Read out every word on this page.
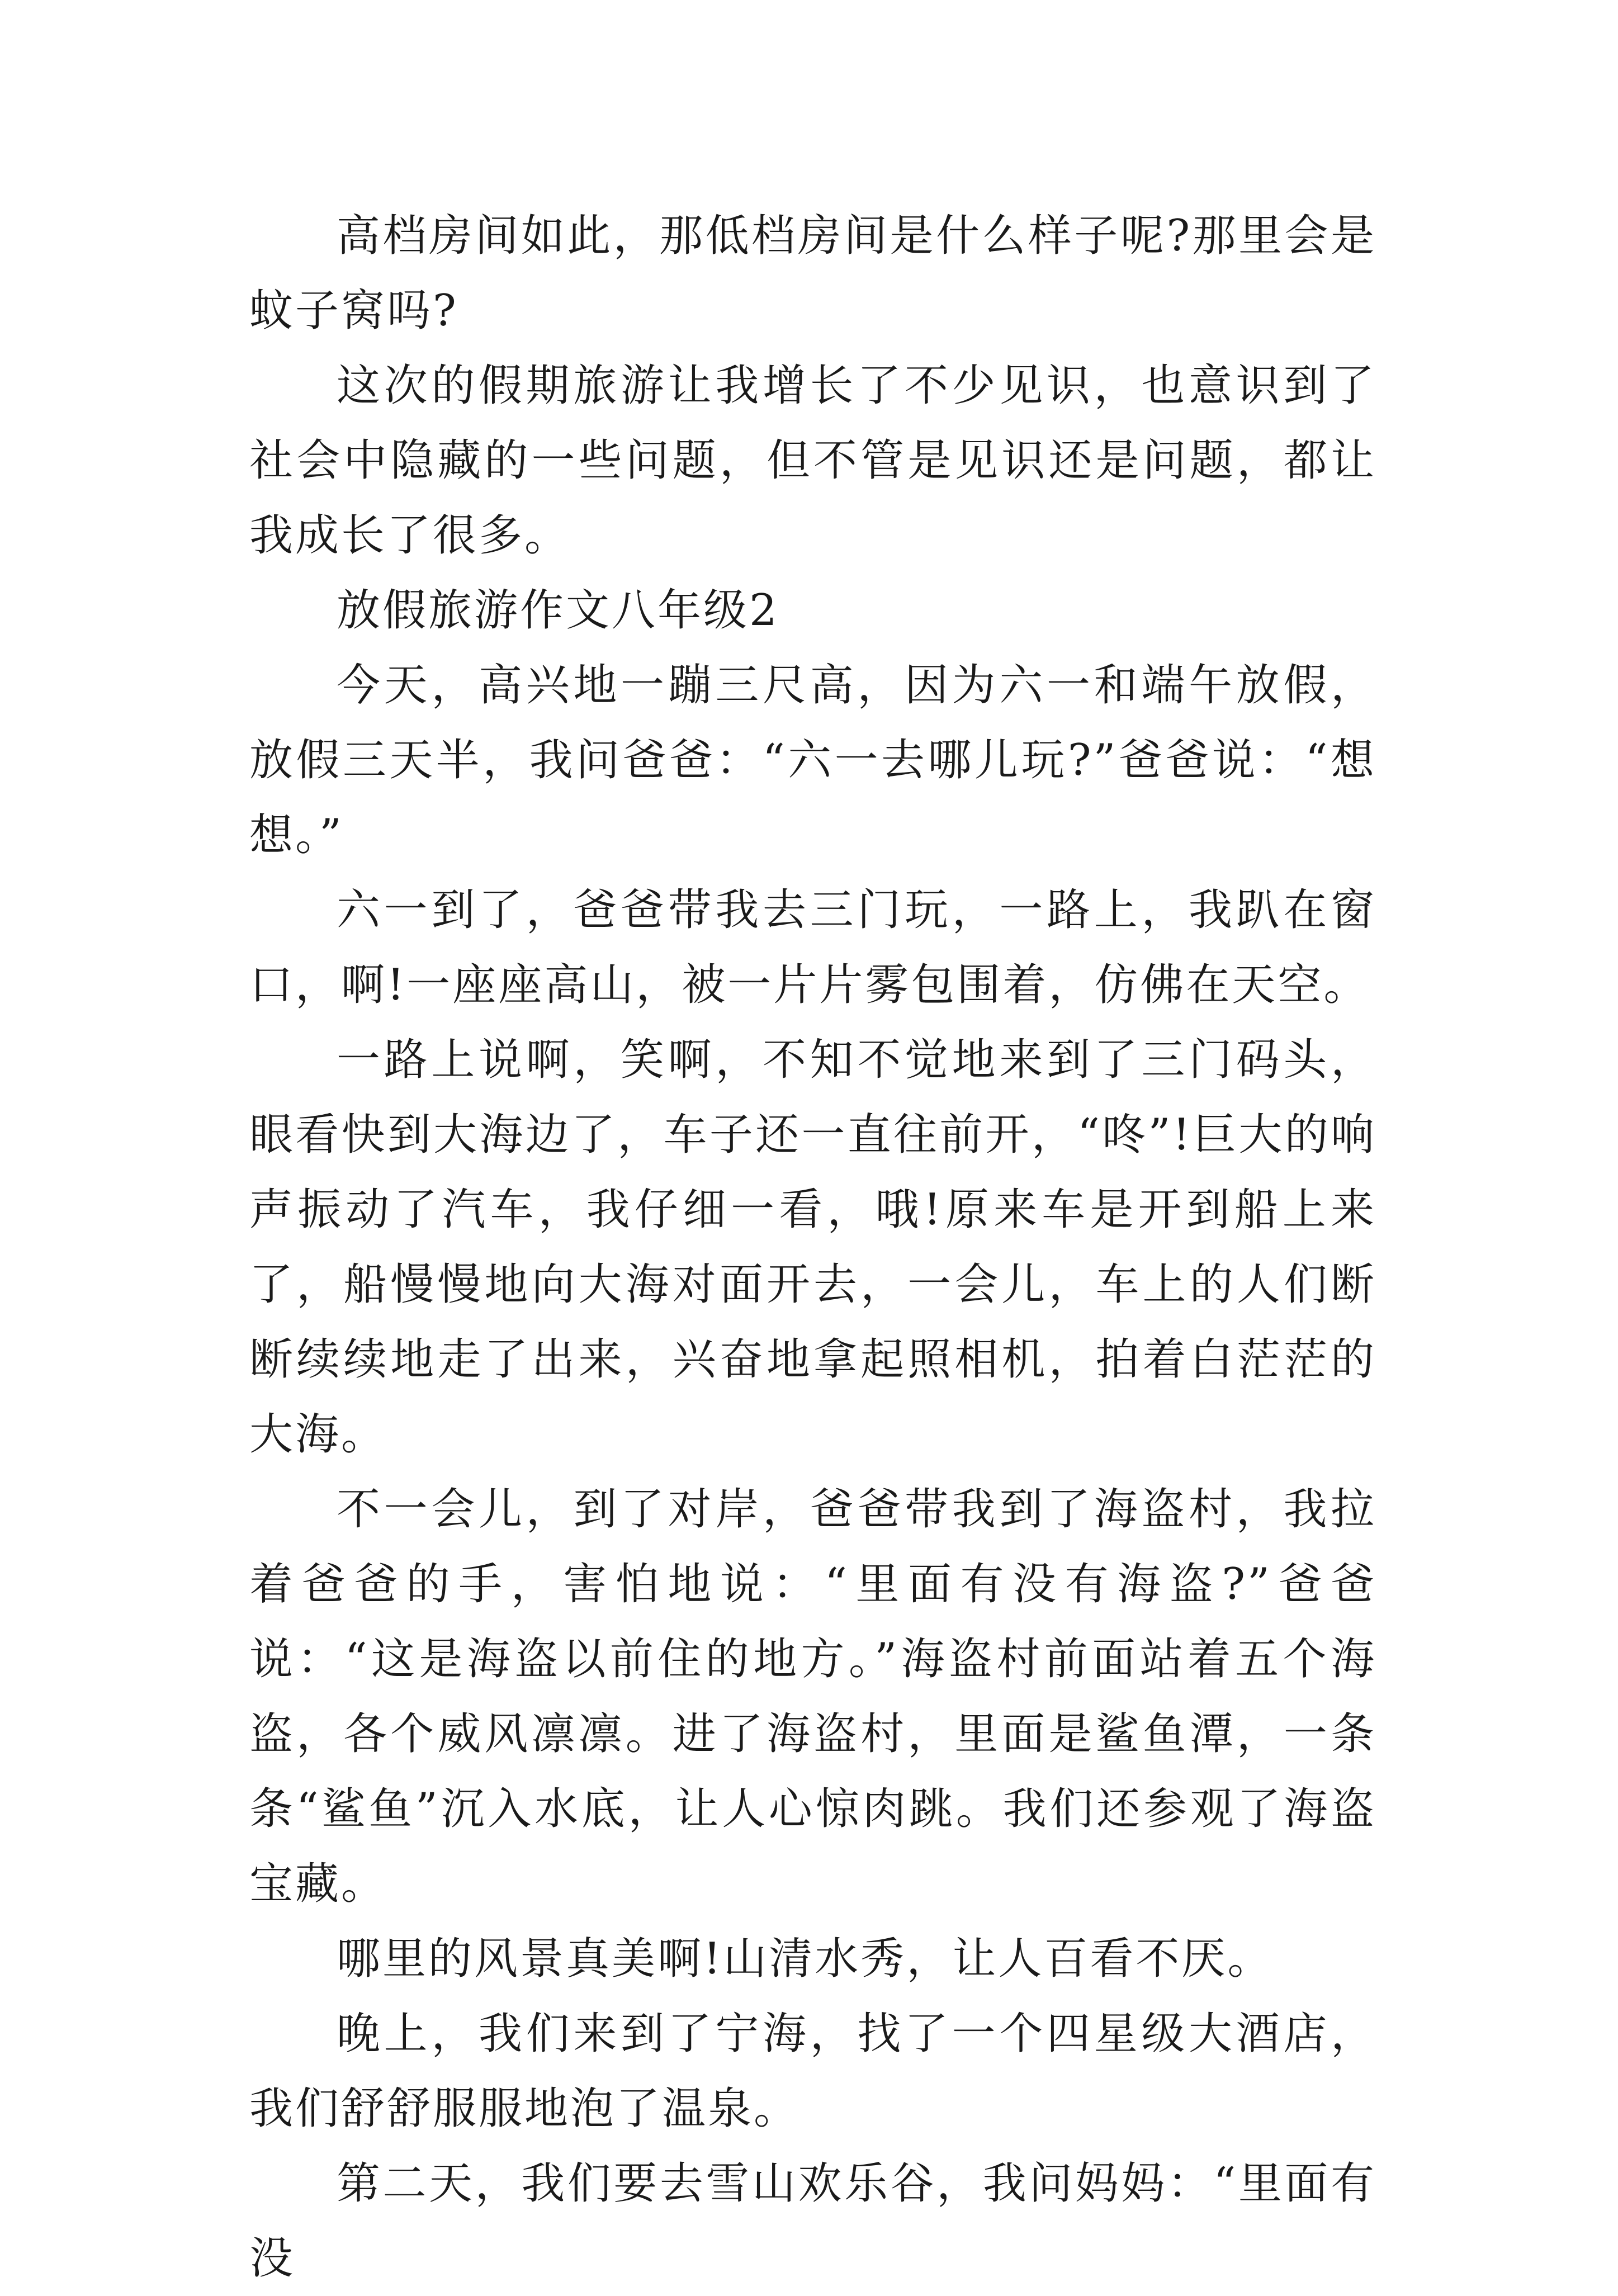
高档房间如此，那低档房间是什么样子呢?那里会是蚊子窝吗?

这次的假期旅游让我增长了不少见识，也意识到了社会中隐藏的一些问题，但不管是见识还是问题，都让我成长了很多。

放假旅游作文八年级2

今天，高兴地一蹦三尺高，因为六一和端午放假，放假三天半，我问爸爸：“六一去哪儿玩?”爸爸说：“想想。”

六一到了，爸爸带我去三门玩，一路上，我趴在窗口，啊!一座座高山，被一片片雾包围着，仿佛在天空。

一路上说啊，笑啊，不知不觉地来到了三门码头，眼看快到大海边了，车子还一直往前开，“咚”!巨大的响声振动了汽车，我仔细一看，哦!原来车是开到船上来了，船慢慢地向大海对面开去，一会儿，车上的人们断断续续地走了出来，兴奋地拿起照相机，拍着白茫茫的大海。

不一会儿，到了对岸，爸爸带我到了海盗村，我拉着爸爸的手，害怕地说：“里面有没有海盗?”爸爸说：“这是海盗以前住的地方。”海盗村前面站着五个海盗，各个威风凛凛。进了海盗村，里面是鲨鱼潭，一条条“鲨鱼”沉入水底，让人心惊肉跳。我们还参观了海盗宝藏。

哪里的风景真美啊!山清水秀，让人百看不厌。

晚上，我们来到了宁海，找了一个四星级大酒店，我们舒舒服服地泡了温泉。

第二天，我们要去雪山欢乐谷，我问妈妈：“里面有没
